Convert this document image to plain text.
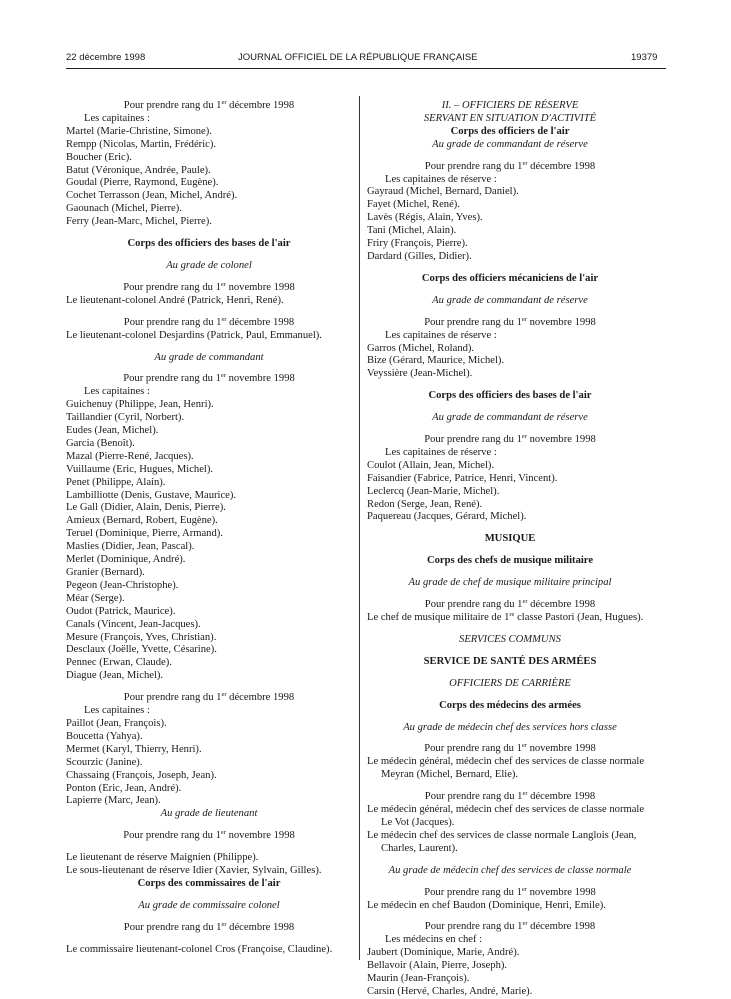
22 décembre 1998	JOURNAL OFFICIEL DE LA RÉPUBLIQUE FRANÇAISE	19379

Pour prendre rang du 1er décembre 1998

Les capitaines :

Martel (Marie-Christine, Simone).

Rempp (Nicolas, Martin, Frédéric).

Boucher (Eric).

Batut (Véronique, Andrée, Paule).

Goudal (Pierre, Raymond, Eugène).

Cochet Terrasson (Jean, Michel, André).

Gaounach (Michel, Pierre).

Ferry (Jean-Marc, Michel, Pierre).

Corps des officiers des bases de l'air

Au grade de colonel

Pour prendre rang du 1er novembre 1998

Le lieutenant-colonel André (Patrick, Henri, René).

Pour prendre rang du 1er décembre 1998

Le lieutenant-colonel Desjardins (Patrick, Paul, Emmanuel).

Au grade de commandant

Pour prendre rang du 1er novembre 1998

Les capitaines :

Guichenuy (Philippe, Jean, Henri).

Taillandier (Cyril, Norbert).

Eudes (Jean, Michel).

Garcia (Benoît).

Mazal (Pierre-René, Jacques).

Vuillaume (Eric, Hugues, Michel).

Penet (Philippe, Alain).

Lambilliotte (Denis, Gustave, Maurice).

Le Gall (Didier, Alain, Denis, Pierre).

Amieux (Bernard, Robert, Eugène).

Teruel (Dominique, Pierre, Armand).

Maslies (Didier, Jean, Pascal).

Merlet (Dominique, André).

Granier (Bernard).

Pegeon (Jean-Christophe).

Méar (Serge).

Oudot (Patrick, Maurice).

Canals (Vincent, Jean-Jacques).

Mesure (François, Yves, Christian).

Desclaux (Joëlle, Yvette, Césarine).

Pennec (Erwan, Claude).

Diague (Jean, Michel).

Pour prendre rang du 1er décembre 1998

Les capitaines :

Paillot (Jean, François).

Boucetta (Yahya).

Mermet (Karyl, Thierry, Henri).

Scourzic (Janine).

Chassaing (François, Joseph, Jean).

Ponton (Eric, Jean, André).

Lapierre (Marc, Jean).

Au grade de lieutenant

Pour prendre rang du 1er novembre 1998

Le lieutenant de réserve Maignien (Philippe).

Le sous-lieutenant de réserve Idier (Xavier, Sylvain, Gilles).

Corps des commissaires de l'air

Au grade de commissaire colonel

Pour prendre rang du 1er décembre 1998

Le commissaire lieutenant-colonel Cros (Françoise, Claudine).

II. – OFFICIERS DE RÉSERVE

SERVANT EN SITUATION D'ACTIVITÉ

Corps des officiers de l'air

Au grade de commandant de réserve

Pour prendre rang du 1er décembre 1998

Les capitaines de réserve :

Gayraud (Michel, Bernard, Daniel).

Fayet (Michel, René).

Lavès (Régis, Alain, Yves).

Tani (Michel, Alain).

Friry (François, Pierre).

Dardard (Gilles, Didier).

Corps des officiers mécaniciens de l'air

Au grade de commandant de réserve

Pour prendre rang du 1er novembre 1998

Les capitaines de réserve :

Garros (Michel, Roland).

Bize (Gérard, Maurice, Michel).

Veyssière (Jean-Michel).

Corps des officiers des bases de l'air

Au grade de commandant de réserve

Pour prendre rang du 1er novembre 1998

Les capitaines de réserve :

Coulot (Allain, Jean, Michel).

Faisandier (Fabrice, Patrice, Henri, Vincent).

Leclercq (Jean-Marie, Michel).

Redon (Serge, Jean, René).

Paquereau (Jacques, Gérard, Michel).

MUSIQUE

Corps des chefs de musique militaire

Au grade de chef de musique militaire principal

Pour prendre rang du 1er décembre 1998

Le chef de musique militaire de 1re classe Pastori (Jean, Hugues).

SERVICES COMMUNS

SERVICE DE SANTÉ DES ARMÉES

OFFICIERS DE CARRIÈRE

Corps des médecins des armées

Au grade de médecin chef des services hors classe

Pour prendre rang du 1er novembre 1998

Le médecin général, médecin chef des services de classe normale Meyran (Michel, Bernard, Elie).

Pour prendre rang du 1er décembre 1998

Le médecin général, médecin chef des services de classe normale Le Vot (Jacques).

Le médecin chef des services de classe normale Langlois (Jean, Charles, Laurent).

Au grade de médecin chef des services de classe normale

Pour prendre rang du 1er novembre 1998

Le médecin en chef Baudon (Dominique, Henri, Emile).

Pour prendre rang du 1er décembre 1998

Les médecins en chef :

Jaubert (Dominique, Marie, André).

Bellavoir (Alain, Pierre, Joseph).

Maurin (Jean-François).

Carsin (Hervé, Charles, André, Marie).
